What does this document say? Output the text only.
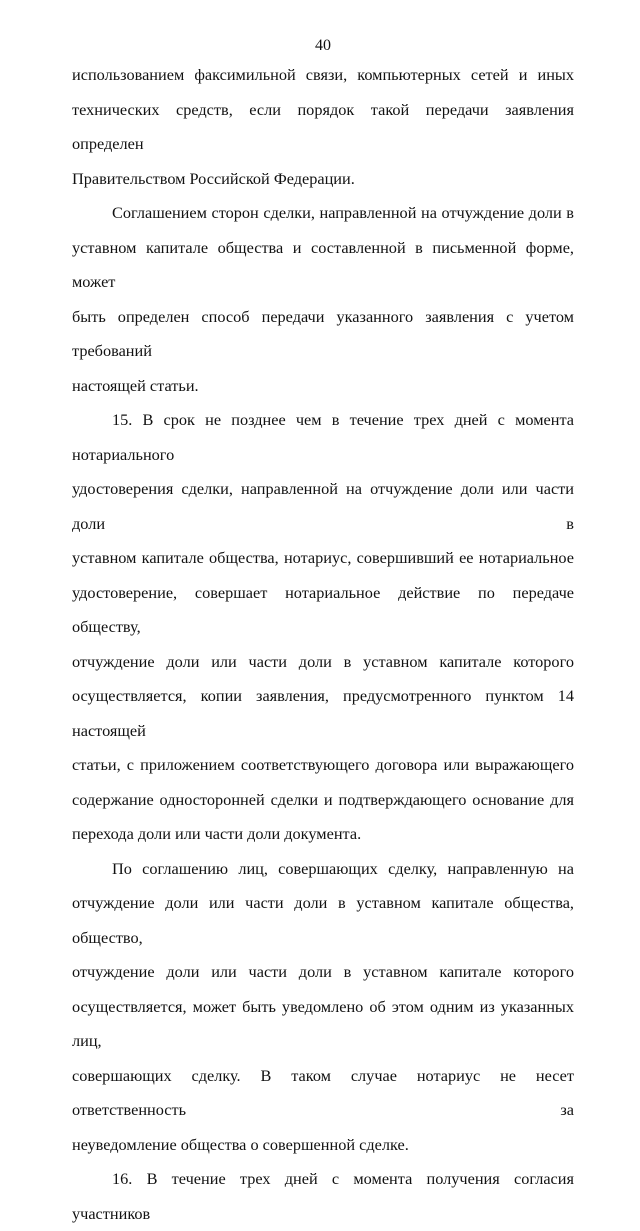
40

использованием факсимильной связи, компьютерных сетей и иных
технических средств, если порядок такой передачи заявления определен
Правительством Российской Федерации.

Соглашением сторон сделки, направленной на отчуждение доли в
уставном капитале общества и составленной в письменной форме, может
быть определен способ передачи указанного заявления с учетом требований
настоящей статьи.

15. В срок не позднее чем в течение трех дней с момента нотариального
удостоверения сделки, направленной на отчуждение доли или части доли в
уставном капитале общества, нотариус, совершивший ее нотариальное
удостоверение, совершает нотариальное действие по передаче обществу,
отчуждение доли или части доли в уставном капитале которого
осуществляется, копии заявления, предусмотренного пунктом 14 настоящей
статьи, с приложением соответствующего договора или выражающего
содержание односторонней сделки и подтверждающего основание для
перехода доли или части доли документа.

По соглашению лиц, совершающих сделку, направленную на
отчуждение доли или части доли в уставном капитале общества, общество,
отчуждение доли или части доли в уставном капитале которого
осуществляется, может быть уведомлено об этом одним из указанных лиц,
совершающих сделку. В таком случае нотариус не несет ответственность за
неуведомление общества о совершенной сделке.

16. В течение трех дней с момента получения согласия участников
